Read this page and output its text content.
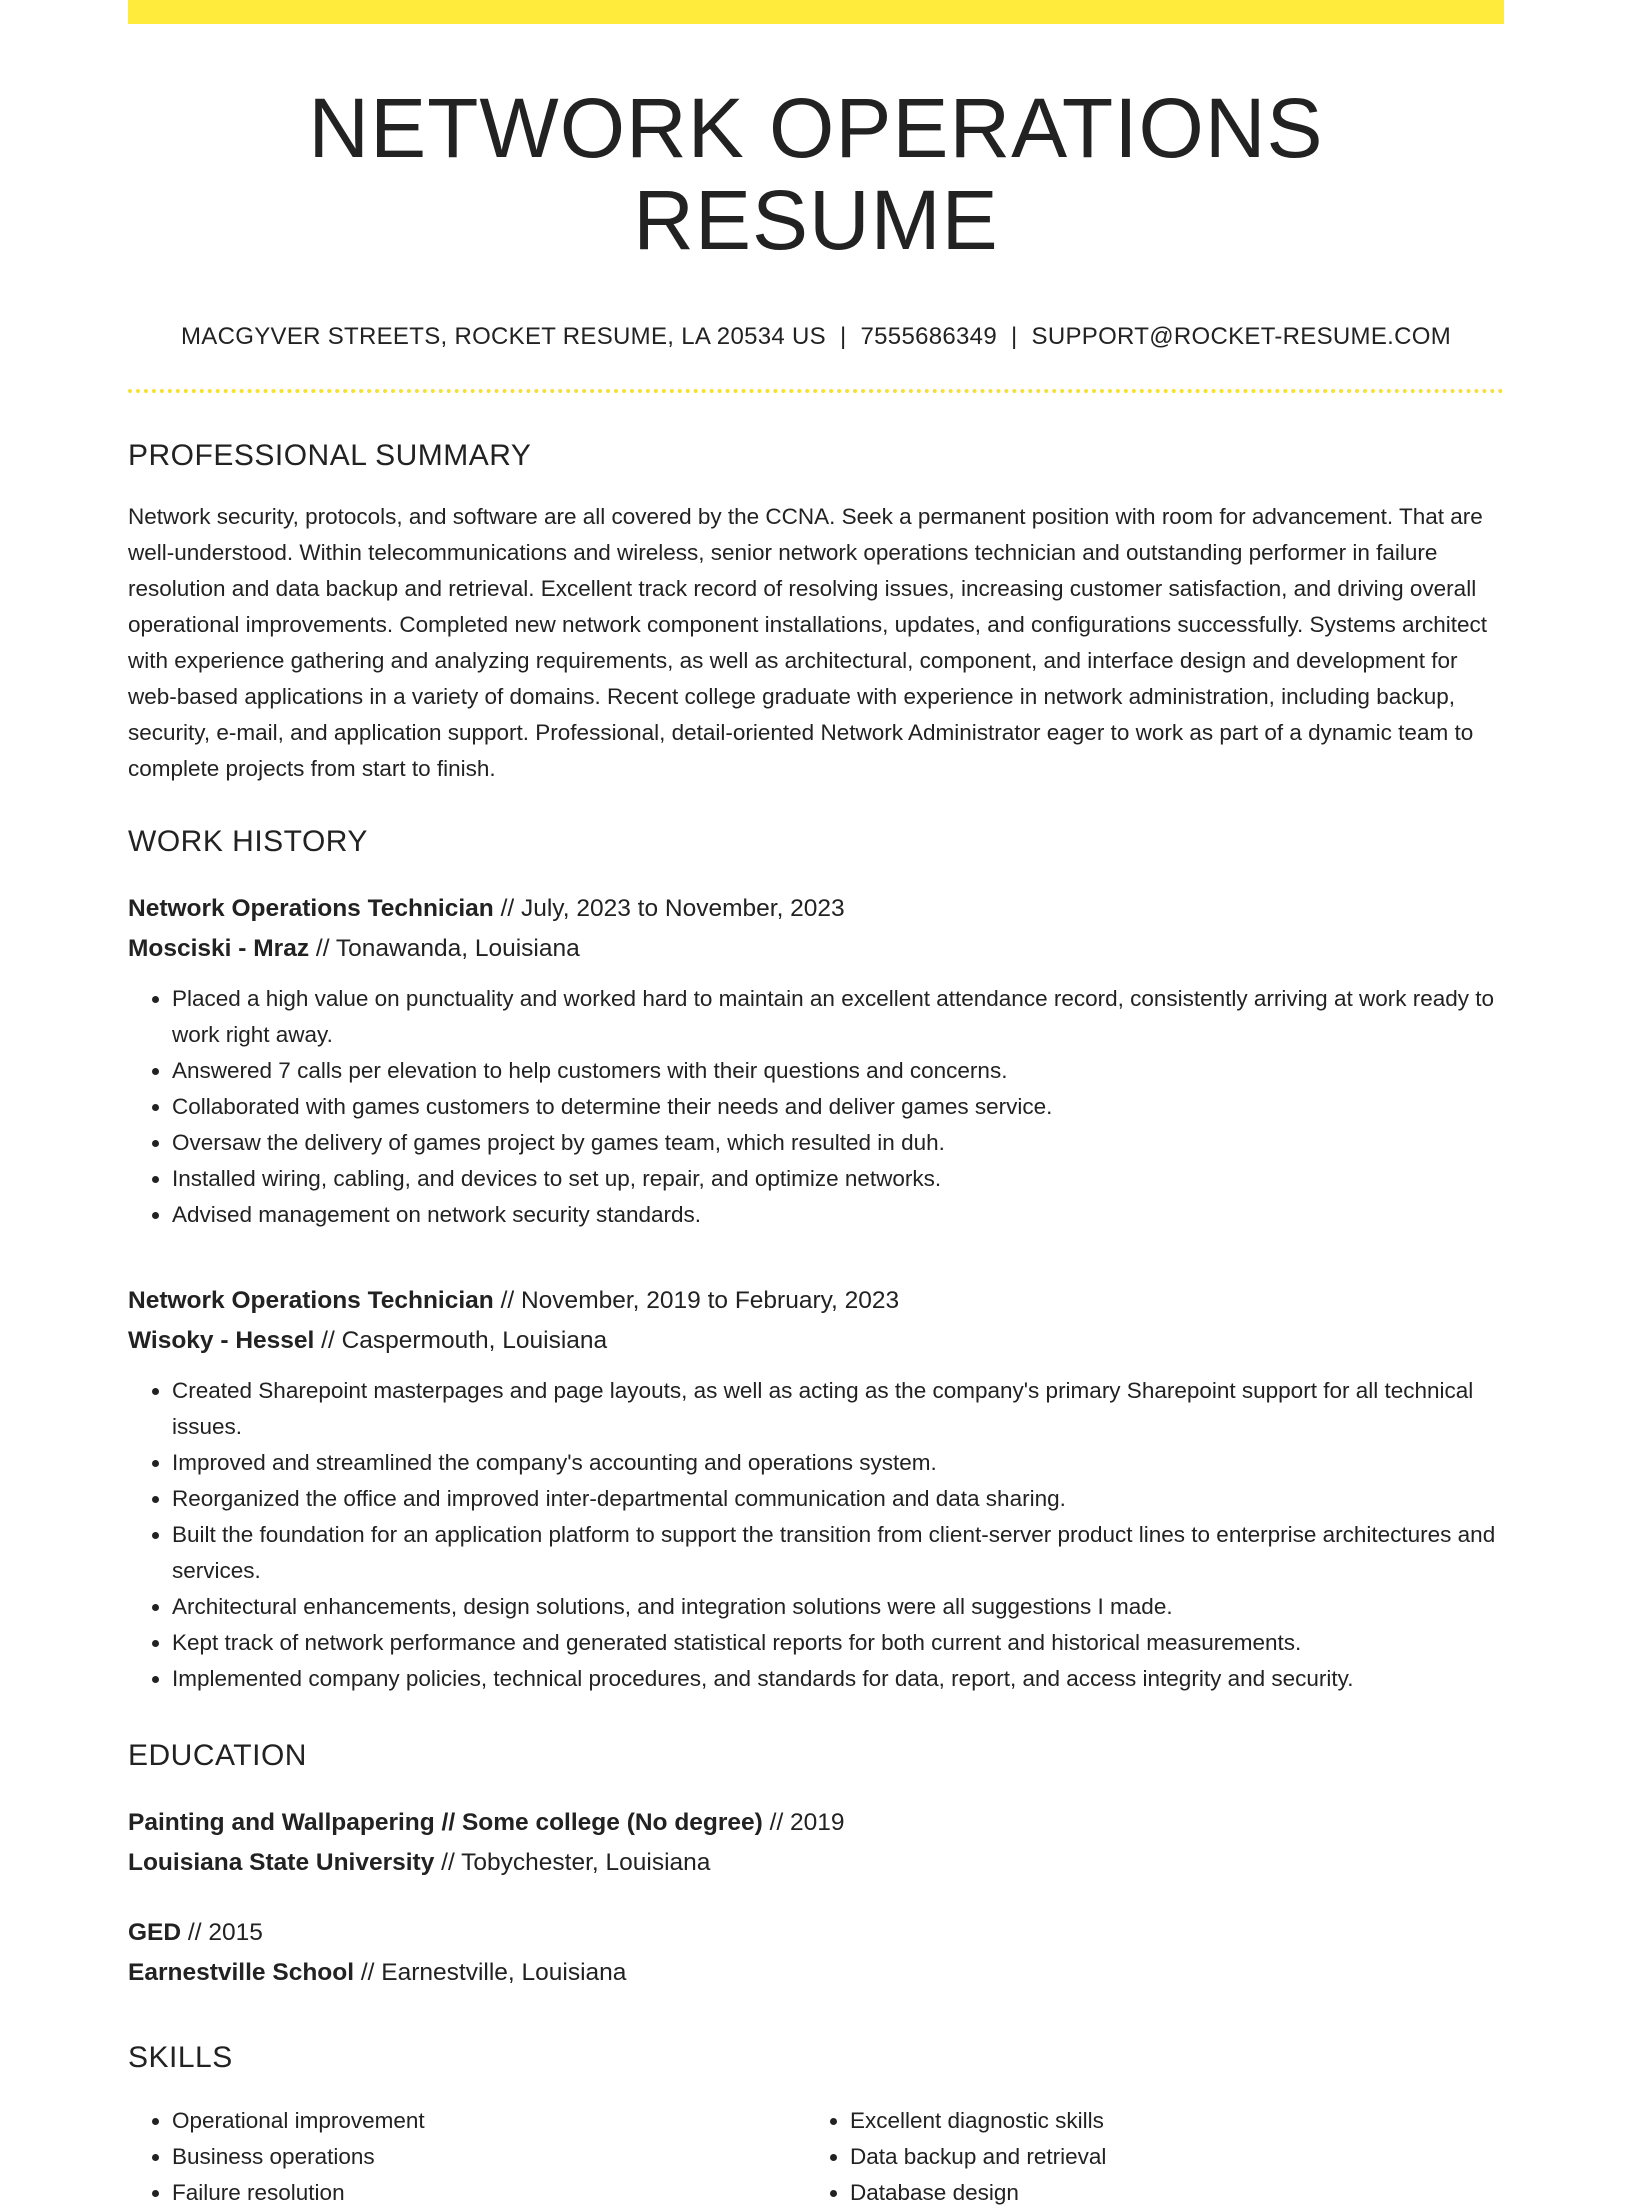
NETWORK OPERATIONS RESUME
MACGYVER STREETS, ROCKET RESUME, LA 20534 US | 7555686349 | SUPPORT@ROCKET-RESUME.COM
PROFESSIONAL SUMMARY

Network security, protocols, and software are all covered by the CCNA. Seek a permanent position with room for advancement. That are well-understood. Within telecommunications and wireless, senior network operations technician and outstanding performer in failure resolution and data backup and retrieval. Excellent track record of resolving issues, increasing customer satisfaction, and driving overall operational improvements. Completed new network component installations, updates, and configurations successfully. Systems architect with experience gathering and analyzing requirements, as well as architectural, component, and interface design and development for web-based applications in a variety of domains. Recent college graduate with experience in network administration, including backup, security, e-mail, and application support. Professional, detail-oriented Network Administrator eager to work as part of a dynamic team to complete projects from start to finish.

WORK HISTORY
Network Operations Technician // July, 2023 to November, 2023
Mosciski - Mraz // Tonawanda, Louisiana
• Placed a high value on punctuality and worked hard to maintain an excellent attendance record, consistently arriving at work ready to work right away.
• Answered 7 calls per elevation to help customers with their questions and concerns.
• Collaborated with games customers to determine their needs and deliver games service.
• Oversaw the delivery of games project by games team, which resulted in duh.
• Installed wiring, cabling, and devices to set up, repair, and optimize networks.
• Advised management on network security standards.
Network Operations Technician // November, 2019 to February, 2023
Wisoky - Hessel // Caspermouth, Louisiana
• Created Sharepoint masterpages and page layouts, as well as acting as the company's primary Sharepoint support for all technical issues.
• Improved and streamlined the company's accounting and operations system.
• Reorganized the office and improved inter-departmental communication and data sharing.
• Built the foundation for an application platform to support the transition from client-server product lines to enterprise architectures and services.
• Architectural enhancements, design solutions, and integration solutions were all suggestions I made.
• Kept track of network performance and generated statistical reports for both current and historical measurements.
• Implemented company policies, technical procedures, and standards for data, report, and access integrity and security.
EDUCATION
Painting and Wallpapering // Some college (No degree) // 2019
Louisiana State University // Tobychester, Louisiana
GED // 2015
Earnestville School // Earnestville, Louisiana
SKILLS
• Operational improvement
• Business operations
• Failure resolution
• Excellent diagnostic skills
• Data backup and retrieval
• Database design
